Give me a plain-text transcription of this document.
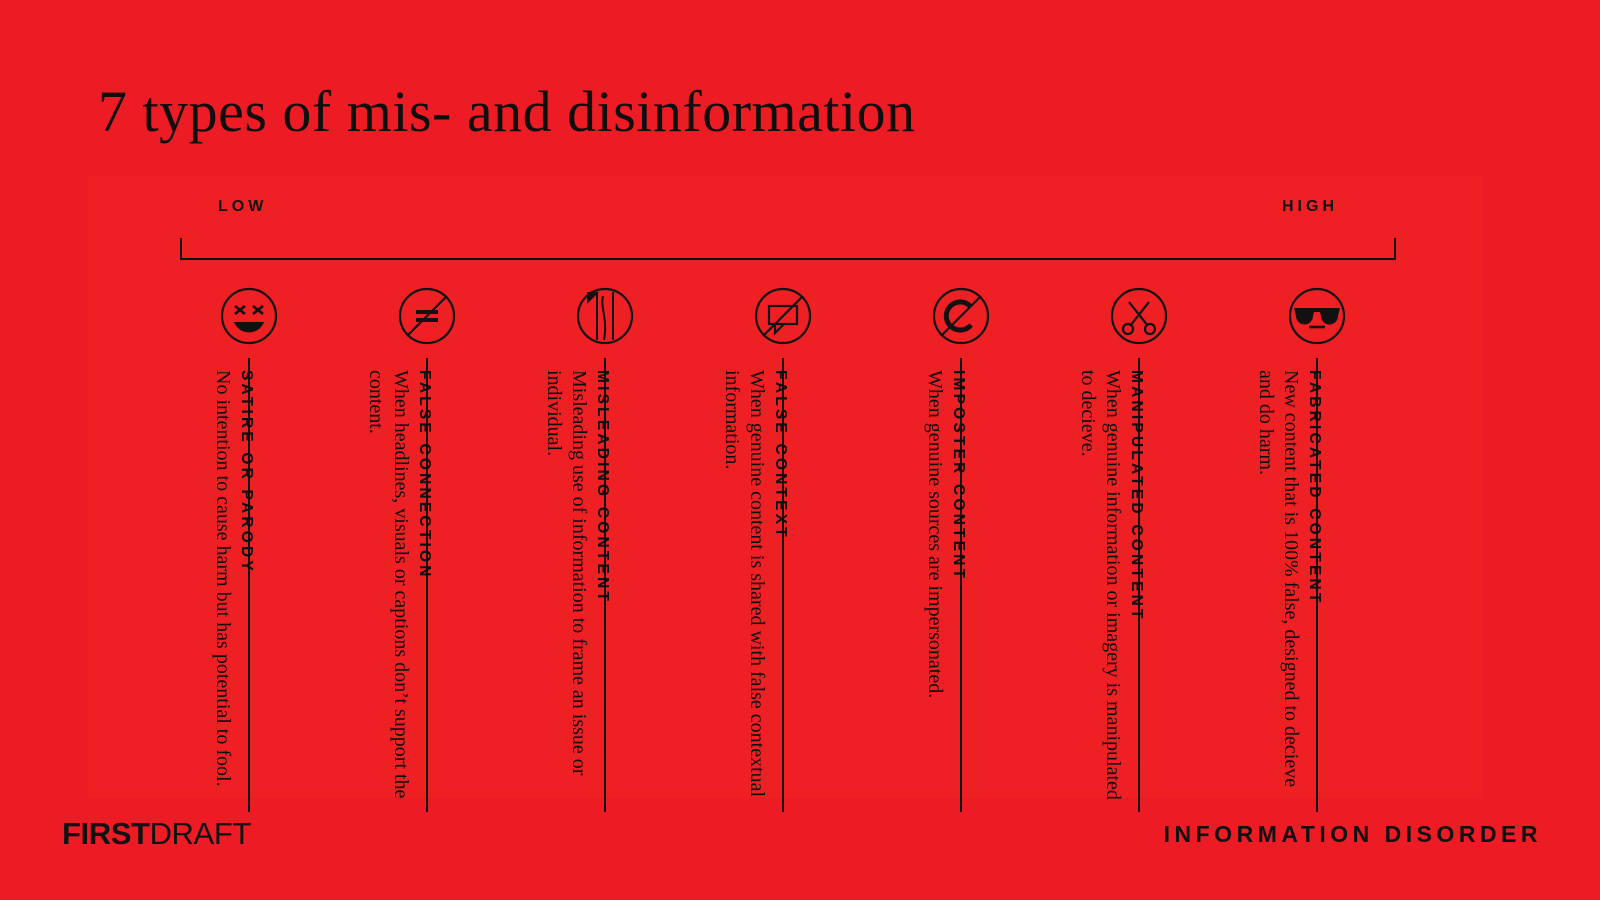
7 types of mis- and disinformation
LOW	HIGH
SATIRE OR PARODY
No intention to cause harm but has potential to fool.	FALSE CONNECTION
When headlines, visuals or captions don’t support the content.	MISLEADING CONTENT
Misleading use of information to frame an issue or individual.	FALSE CONTEXT
When genuine content is shared with false contextual information.	IMPOSTER CONTENT
When genuine sources are impersonated.	MANIPULATED CONTENT
When genuine information or imagery is manipulated to decieve.	FABRICATED CONTENT
New content that is 100% false, designed to decieve and do harm.
FIRSTDRAFT	INFORMATION DISORDER
